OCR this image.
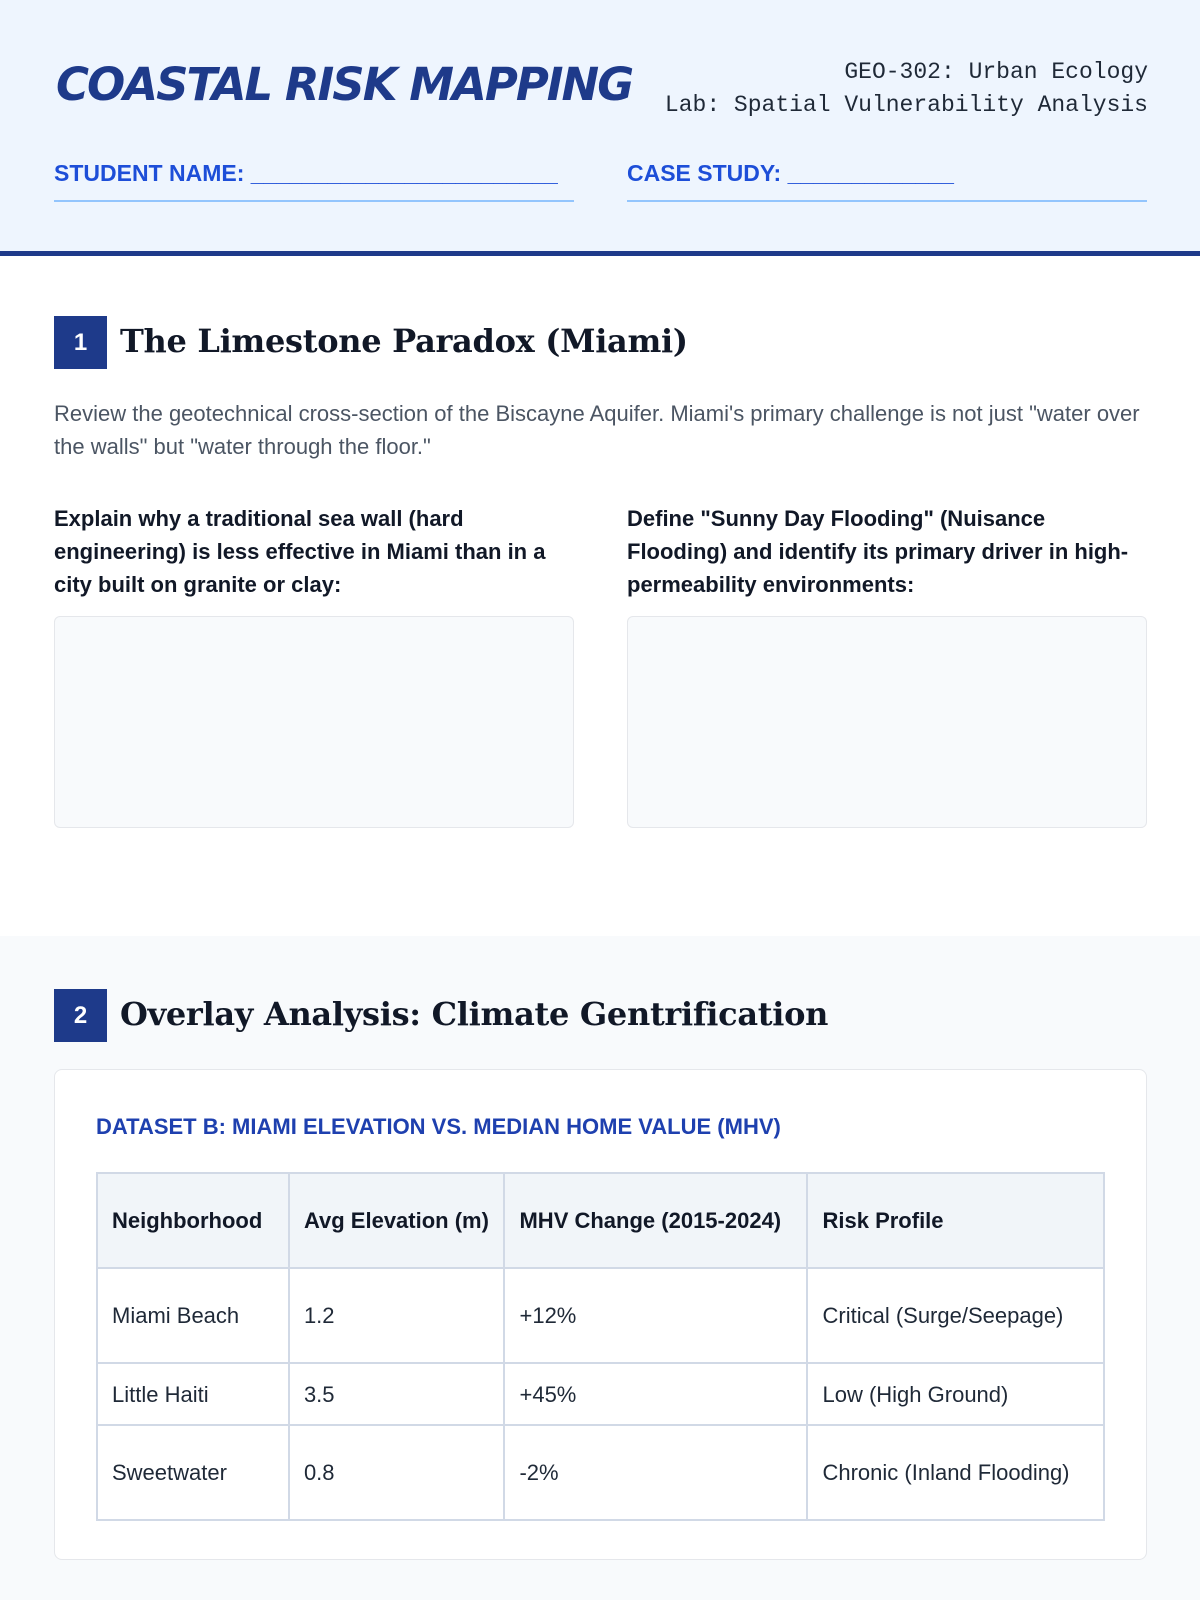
COASTAL RISK MAPPING	GEO-302: Urban Ecology
Lab: Spatial Vulnerability Analysis
STUDENT NAME: ________________________	CASE STUDY: _____________
1	The Limestone Paradox (Miami)
Review the geotechnical cross-section of the Biscayne Aquifer. Miami's primary challenge is not just "water over the walls" but "water through the floor."
Explain why a traditional sea wall (hard engineering) is less effective in Miami than in a city built on granite or clay:
Define "Sunny Day Flooding" (Nuisance Flooding) and identify its primary driver in high-permeability environments:
2	Overlay Analysis: Climate Gentrification
DATASET B: MIAMI ELEVATION VS. MEDIAN HOME VALUE (MHV)
Neighborhood	Avg Elevation (m)	MHV Change (2015-2024)	Risk Profile
Miami Beach	1.2	+12%	Critical (Surge/Seepage)
Little Haiti	3.5	+45%	Low (High Ground)
Sweetwater	0.8	-2%	Chronic (Inland Flooding)
